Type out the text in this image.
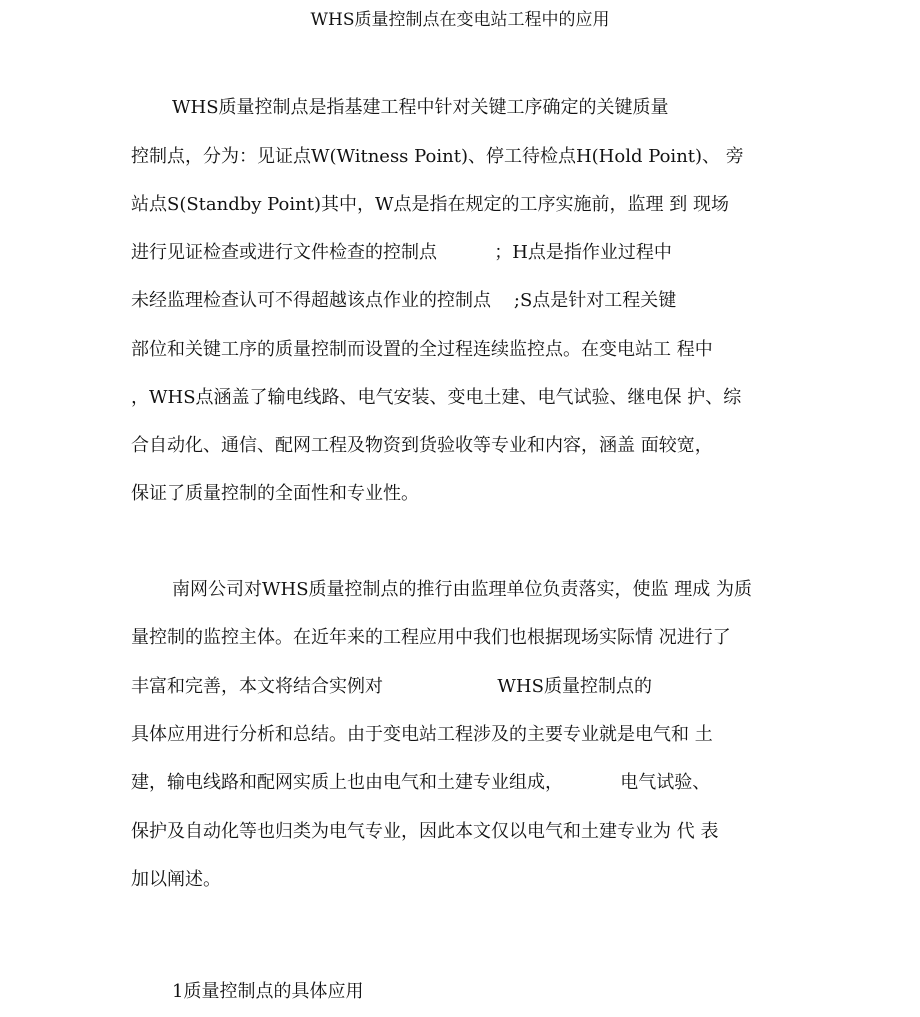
WHS质量控制点在变电站工程中的应用
WHS质量控制点是指基建工程中针对关键工序确定的关键质量
控制点，分为：见证点W(Witness Point)、停工待检点H(Hold Point)、 旁
站点S(Standby Point)其中，W点是指在规定的工序实施前，监理 到 现场
进行见证检查或进行文件检查的控制点          ；H点是指作业过程中
未经监理检查认可不得超越该点作业的控制点    ;S点是针对工程关键
部位和关键工序的质量控制而设置的全过程连续监控点。在变电站工 程中
，WHS点涵盖了输电线路、电气安装、变电土建、电气试验、继电保 护、综
合自动化、通信、配网工程及物资到货验收等专业和内容，涵盖 面较宽，
保证了质量控制的全面性和专业性。
南网公司对WHS质量控制点的推行由监理单位负责落实，使监 理成 为质
量控制的监控主体。在近年来的工程应用中我们也根据现场实际情 况进行了
丰富和完善，本文将结合实例对                    WHS质量控制点的
具体应用进行分析和总结。由于变电站工程涉及的主要专业就是电气和 土
建，输电线路和配网实质上也由电气和土建专业组成，          电气试验、
保护及自动化等也归类为电气专业，因此本文仅以电气和土建专业为 代 表
加以阐述。
1质量控制点的具体应用
